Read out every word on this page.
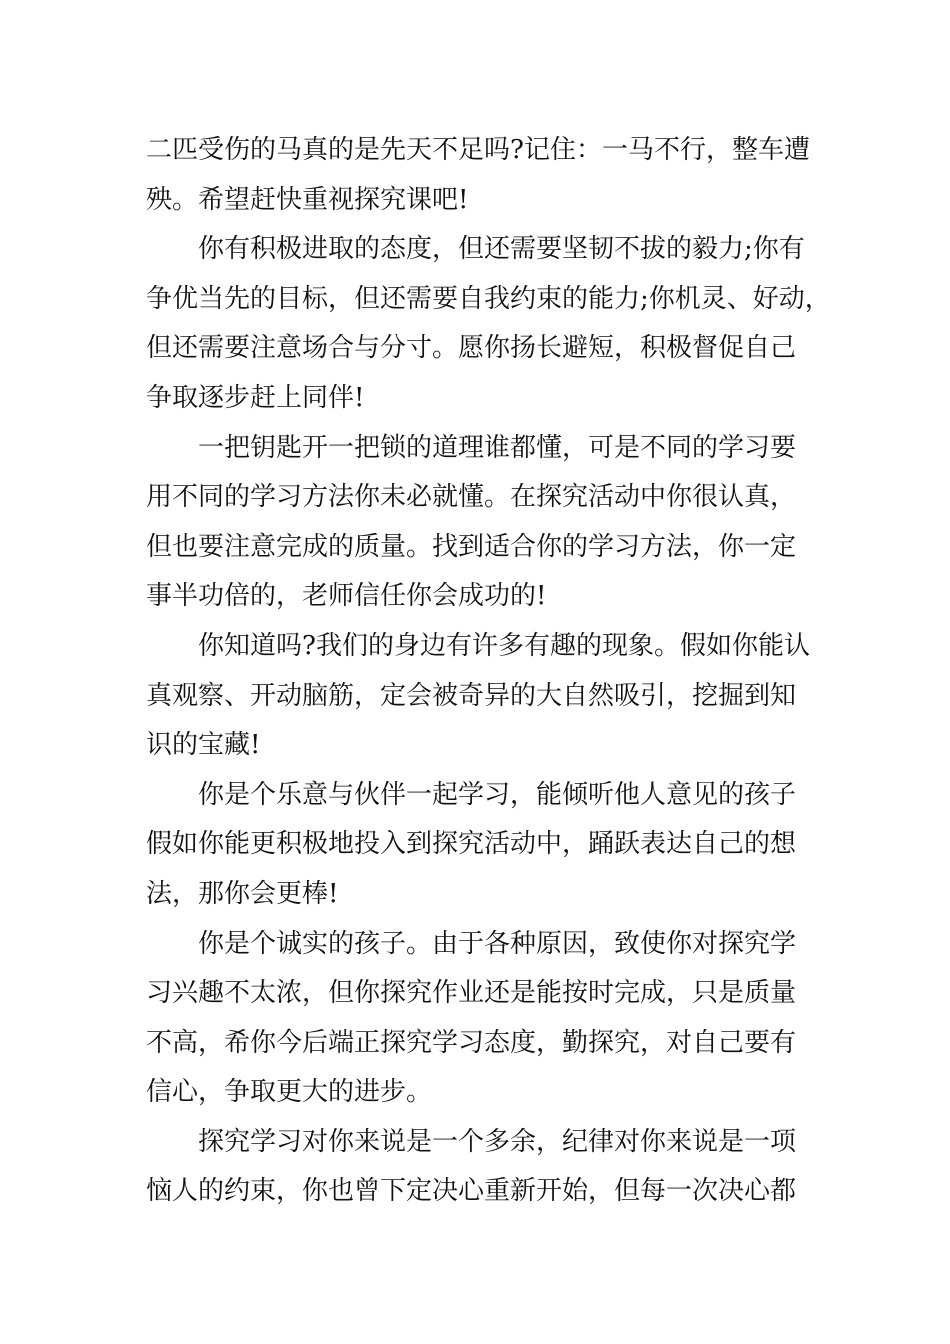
二匹受伤的马真的是先天不足吗?记住：一马不行，整车遭
殃。希望赶快重视探究课吧!
你有积极进取的态度，但还需要坚韧不拔的毅力;你有
争优当先的目标，但还需要自我约束的能力;你机灵、好动，
但还需要注意场合与分寸。愿你扬长避短，积极督促自己
争取逐步赶上同伴!
一把钥匙开一把锁的道理谁都懂，可是不同的学习要
用不同的学习方法你未必就懂。在探究活动中你很认真，
但也要注意完成的质量。找到适合你的学习方法，你一定
事半功倍的，老师信任你会成功的!
你知道吗?我们的身边有许多有趣的现象。假如你能认
真观察、开动脑筋，定会被奇异的大自然吸引，挖掘到知
识的宝藏!
你是个乐意与伙伴一起学习，能倾听他人意见的孩子
假如你能更积极地投入到探究活动中，踊跃表达自己的想
法，那你会更棒!
你是个诚实的孩子。由于各种原因，致使你对探究学
习兴趣不太浓，但你探究作业还是能按时完成，只是质量
不高，希你今后端正探究学习态度，勤探究，对自己要有
信心，争取更大的进步。
探究学习对你来说是一个多余，纪律对你来说是一项
恼人的约束，你也曾下定决心重新开始，但每一次决心都
